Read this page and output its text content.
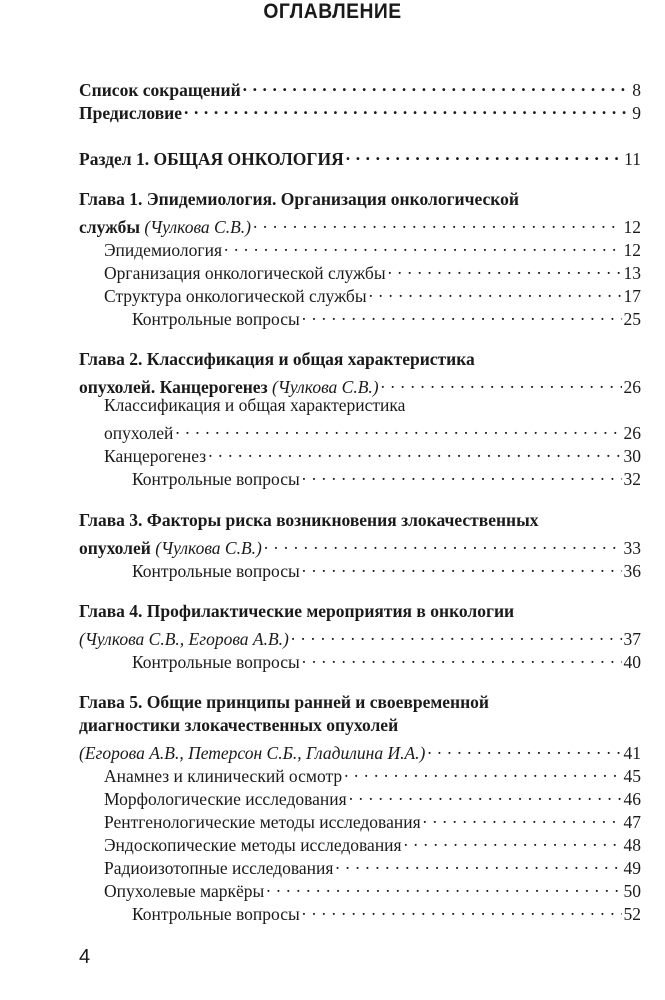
ОГЛАВЛЕНИЕ
Список сокращений . . .	8
Предисловие . . .	9
Раздел 1. ОБЩАЯ ОНКОЛОГИЯ . . .	11
Глава 1. Эпидемиология. Организация онкологической
службы (Чулкова С.В.) . . .	12
Эпидемиология . . .	12
Организация онкологической службы . . .	13
Структура онкологической службы . . .	17
Контрольные вопросы . . .	25
Глава 2. Классификация и общая характеристика
опухолей. Канцерогенез (Чулкова С.В.) . . .	26
Классификация и общая характеристика
опухолей . . .	26
Канцерогенез . . .	30
Контрольные вопросы . . .	32
Глава 3. Факторы риска возникновения злокачественных
опухолей (Чулкова С.В.) . . .	33
Контрольные вопросы . . .	36
Глава 4. Профилактические мероприятия в онкологии
(Чулкова С.В., Егорова А.В.) . . .	37
Контрольные вопросы . . .	40
Глава 5. Общие принципы ранней и своевременной
диагностики злокачественных опухолей
(Егорова А.В., Петерсон С.Б., Гладилина И.А.) . . .	41
Анамнез и клинический осмотр . . .	45
Морфологические исследования . . .	46
Рентгенологические методы исследования . . .	47
Эндоскопические методы исследования . . .	48
Радиоизотопные исследования . . .	49
Опухолевые маркёры . . .	50
Контрольные вопросы . . .	52
4
